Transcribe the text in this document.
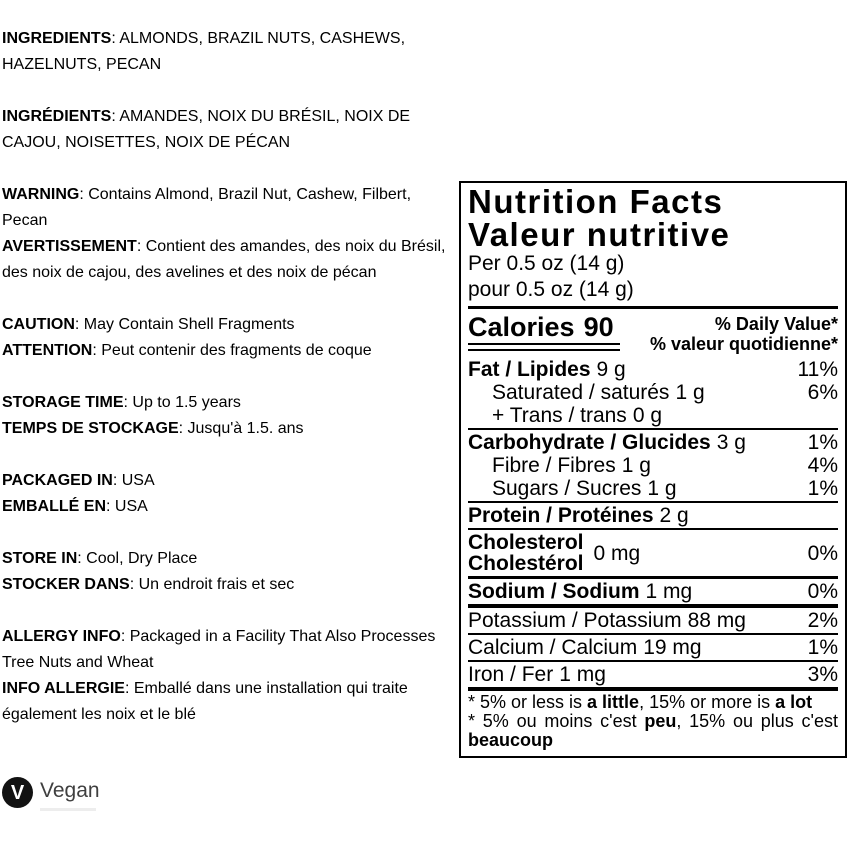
INGREDIENTS: ALMONDS, BRAZIL NUTS, CASHEWS, HAZELNUTS, PECAN
INGRÉDIENTS: AMANDES, NOIX DU BRÉSIL, NOIX DE CAJOU, NOISETTES, NOIX DE PÉCAN
WARNING: Contains Almond, Brazil Nut, Cashew, Filbert, Pecan
AVERTISSEMENT: Contient des amandes, des noix du Brésil, des noix de cajou, des avelines et des noix de pécan
CAUTION: May Contain Shell Fragments
ATTENTION: Peut contenir des fragments de coque
STORAGE TIME: Up to 1.5 years
TEMPS DE STOCKAGE: Jusqu'à 1.5. ans
PACKAGED IN: USA
EMBALLÉ EN: USA
STORE IN: Cool, Dry Place
STOCKER DANS: Un endroit frais et sec
ALLERGY INFO: Packaged in a Facility That Also Processes Tree Nuts and Wheat
INFO ALLERGIE: Emballé dans une installation qui traite également les noix et le blé
Nutrition Facts
Valeur nutritive
Per 0.5 oz (14 g)
pour 0.5 oz (14 g)
Calories 90	% Daily Value*
% valeur quotidienne*
Fat / Lipides 9 g	11%
Saturated / saturés 1 g	6%
+ Trans / trans 0 g
Carbohydrate / Glucides 3 g	1%
Fibre / Fibres 1 g	4%
Sugars / Sucres 1 g	1%
Protein / Protéines 2 g
Cholesterol
Cholestérol 0 mg	0%
Sodium / Sodium 1 mg	0%
Potassium / Potassium 88 mg	2%
Calcium / Calcium 19 mg	1%
Iron / Fer 1 mg	3%
* 5% or less is a little, 15% or more is a lot
* 5% ou moins c'est peu, 15% ou plus c'est beaucoup
V Vegan
